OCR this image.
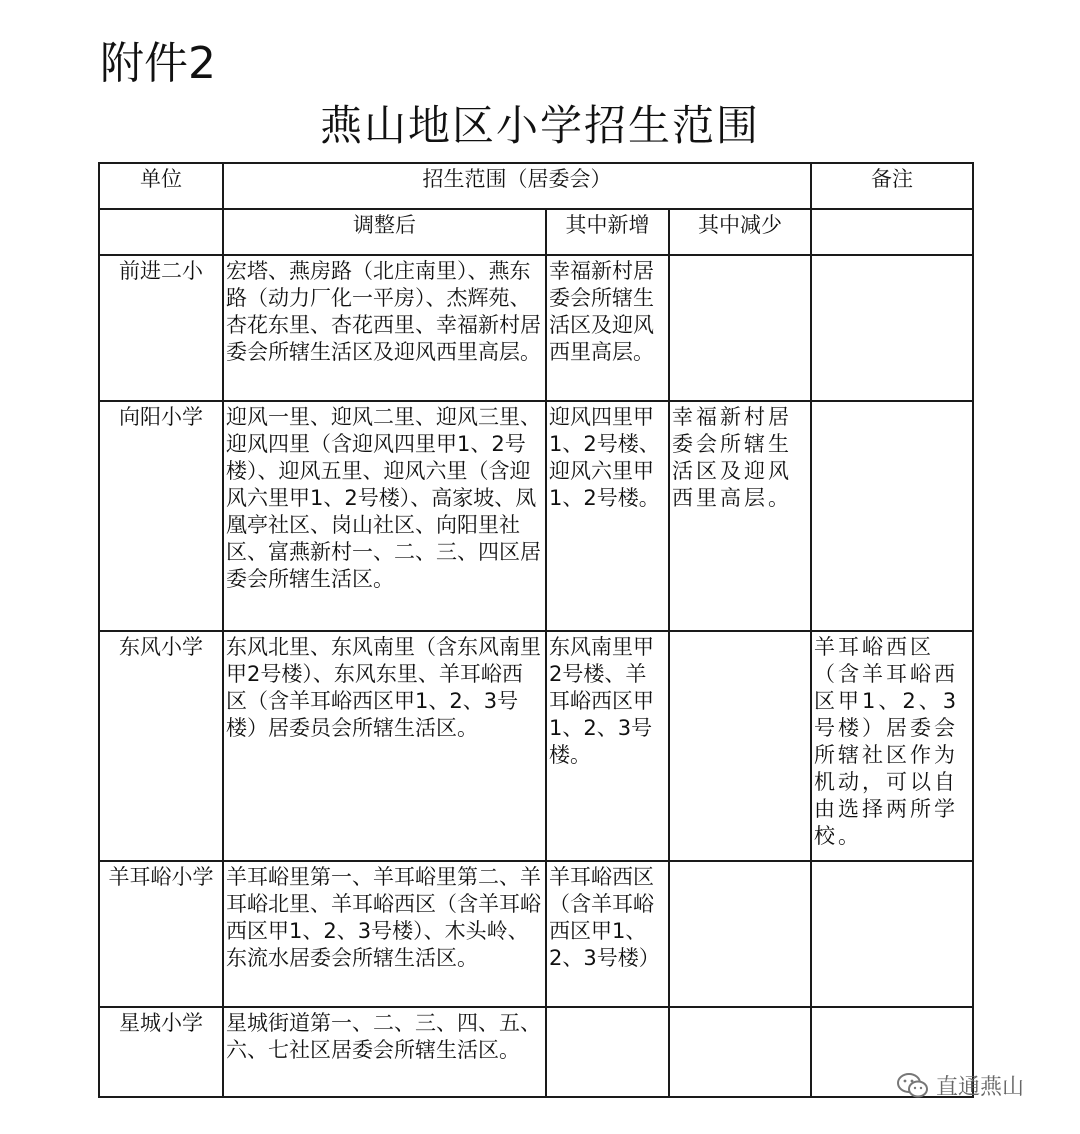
附件2
燕山地区小学招生范围
单位	招生范围（居委会）			备注
	调整后	其中新增	其中减少	
前进二小	宏塔、燕房路（北庄南里）、燕东路（动力厂化一平房）、杰辉苑、杏花东里、杏花西里、幸福新村居委会所辖生活区及迎风西里高层。	幸福新村居委会所辖生活区及迎风西里高层。		
向阳小学	迎风一里、迎风二里、迎风三里、迎风四里（含迎风四里甲1、2号楼）、迎风五里、迎风六里（含迎风六里甲1、2号楼）、高家坡、凤凰亭社区、岗山社区、向阳里社区、富燕新村一、二、三、四区居委会所辖生活区。	迎风四里甲1、2号楼、迎风六里甲1、2号楼。	幸福新村居委会所辖生活区及迎风西里高层。	
东风小学	东风北里、东风南里（含东风南里甲2号楼）、东风东里、羊耳峪西区（含羊耳峪西区甲1、2、3号楼）居委员会所辖生活区。	东风南里甲2号楼、羊耳峪西区甲1、2、3号楼。		羊耳峪西区（含羊耳峪西区甲1、2、3号楼）居委会所辖社区作为机动，可以自由选择两所学校。
羊耳峪小学	羊耳峪里第一、羊耳峪里第二、羊耳峪北里、羊耳峪西区（含羊耳峪西区甲1、2、3号楼）、木头岭、东流水居委会所辖生活区。	羊耳峪西区（含羊耳峪西区甲1、2、3号楼）		
星城小学	星城街道第一、二、三、四、五、六、七社区居委会所辖生活区。			
直通燕山
